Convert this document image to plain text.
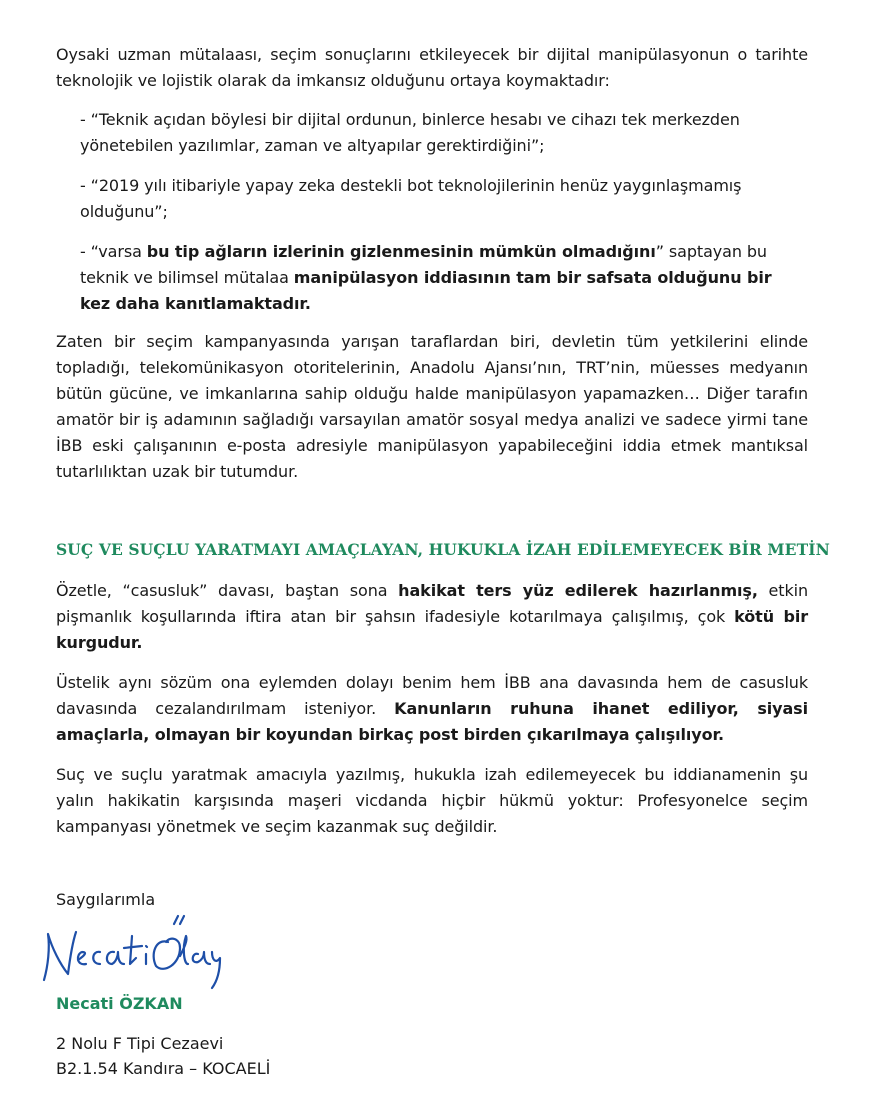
Oysaki uzman mütalaası, seçim sonuçlarını etkileyecek bir dijital manipülasyonun o tarihte teknolojik ve lojistik olarak da imkansız olduğunu ortaya koymaktadır:

- “Teknik açıdan böylesi bir dijital ordunun, binlerce hesabı ve cihazı tek merkezden yönetebilen yazılımlar, zaman ve altyapılar gerektirdiğini”;

- “2019 yılı itibariyle yapay zeka destekli bot teknolojilerinin henüz yaygınlaşmamış olduğunu”;

- “varsa bu tip ağların izlerinin gizlenmesinin mümkün olmadığını” saptayan bu teknik ve bilimsel mütalaa manipülasyon iddiasının tam bir safsata olduğunu bir kez daha kanıtlamaktadır.

Zaten bir seçim kampanyasında yarışan taraflardan biri, devletin tüm yetkilerini elinde topladığı, telekomünikasyon otoritelerinin, Anadolu Ajansı’nın, TRT’nin, müesses medyanın bütün gücüne, ve imkanlarına sahip olduğu halde manipülasyon yapamazken… Diğer tarafın amatör bir iş adamının sağladığı varsayılan amatör sosyal medya analizi ve sadece yirmi tane İBB eski çalışanının e-posta adresiyle manipülasyon yapabileceğini iddia etmek mantıksal tutarlılıktan uzak bir tutumdur.

SUÇ VE SUÇLU YARATMAYI AMAÇLAYAN, HUKUKLA İZAH EDİLEMEYECEK BİR METİN

Özetle, “casusluk” davası, baştan sona hakikat ters yüz edilerek hazırlanmış, etkin pişmanlık koşullarında iftira atan bir şahsın ifadesiyle kotarılmaya çalışılmış, çok kötü bir kurgudur.

Üstelik aynı sözüm ona eylemden dolayı benim hem İBB ana davasında hem de casusluk davasında cezalandırılmam isteniyor. Kanunların ruhuna ihanet ediliyor, siyasi amaçlarla, olmayan bir koyundan birkaç post birden çıkarılmaya çalışılıyor.

Suç ve suçlu yaratmak amacıyla yazılmış, hukukla izah edilemeyecek bu iddianamenin şu yalın hakikatin karşısında maşeri vicdanda hiçbir hükmü yoktur: Profesyonelce seçim kampanyası yönetmek ve seçim kazanmak suç değildir.

Saygılarımla
Necati ÖZKAN
2 Nolu F Tipi Cezaevi
B2.1.54 Kandıra – KOCAELİ
